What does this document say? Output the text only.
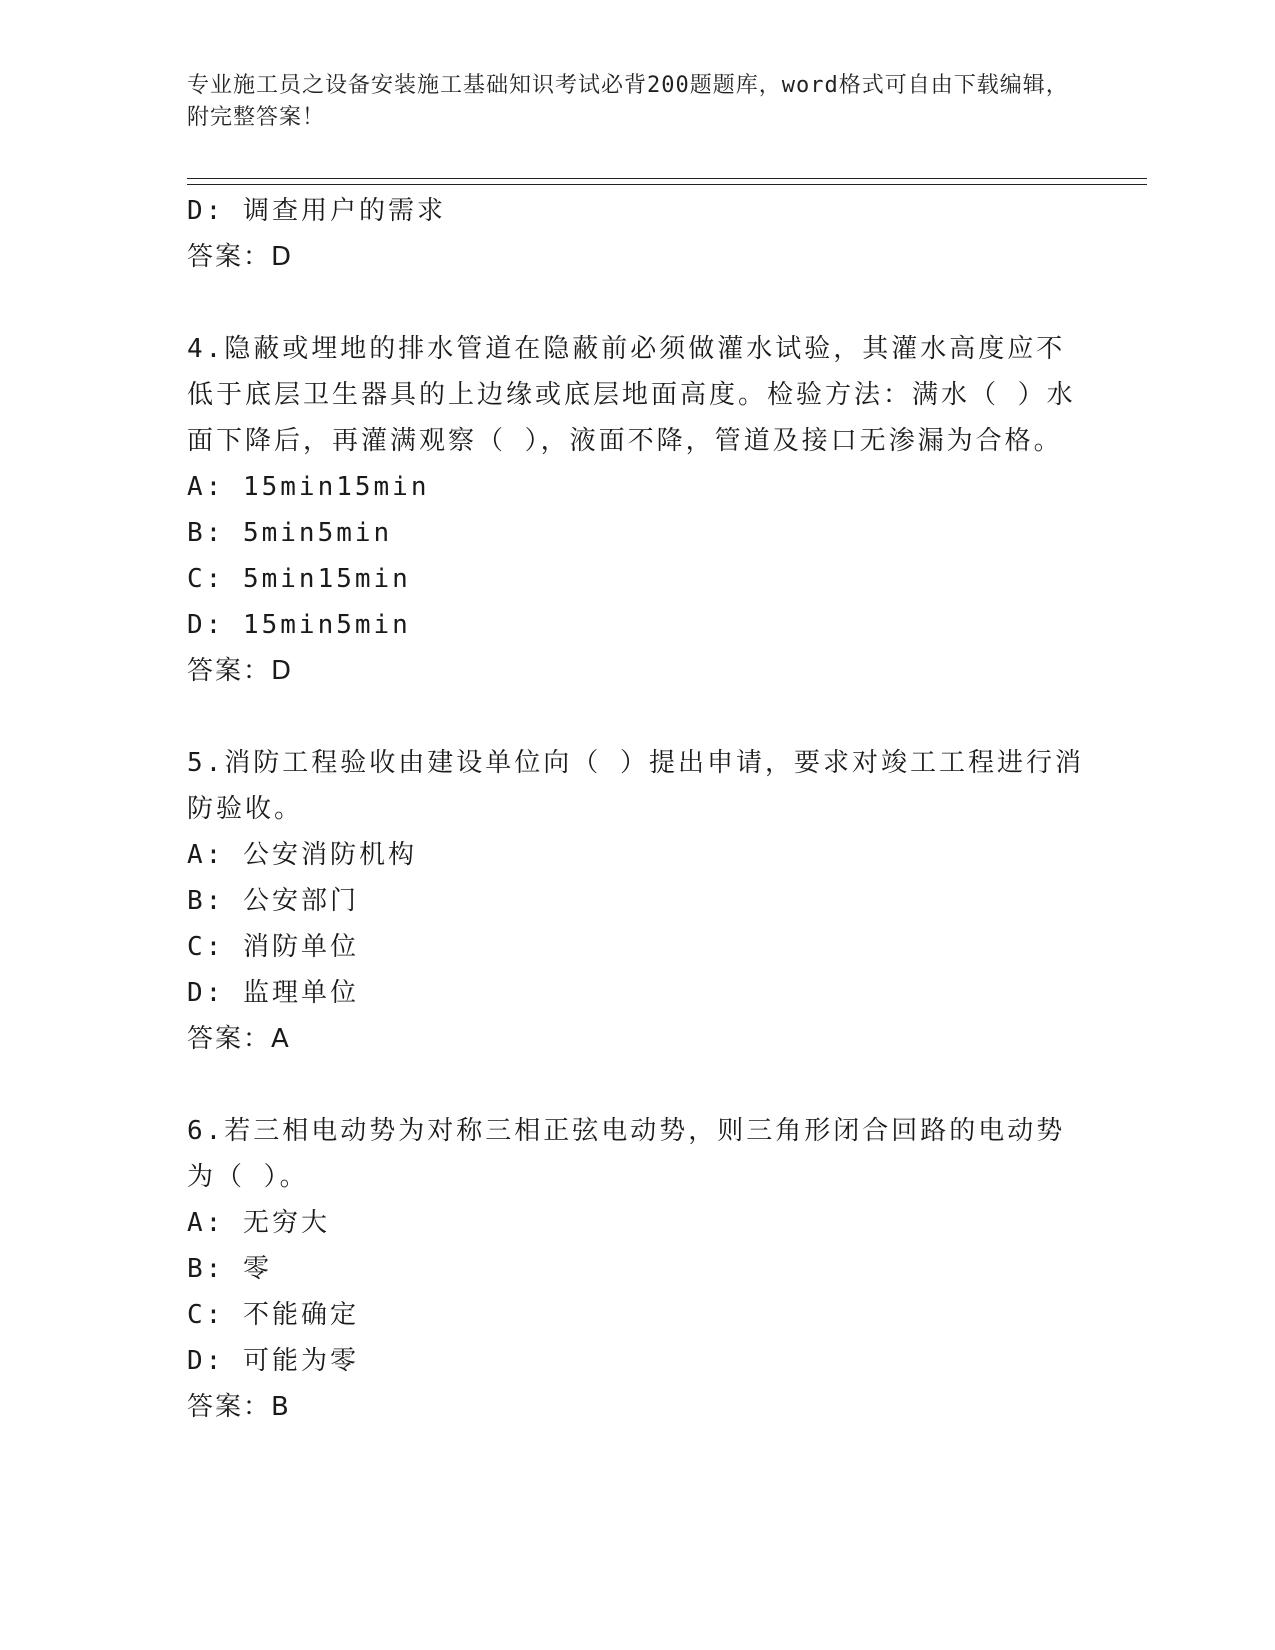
专业施工员之设备安装施工基础知识考试必背200题题库，word格式可自由下载编辑，附完整答案！
D: 调查用户的需求
答案：D
4.隐蔽或埋地的排水管道在隐蔽前必须做灌水试验，其灌水高度应不低于底层卫生器具的上边缘或底层地面高度。检验方法：满水（ ）水面下降后，再灌满观察（ ），液面不降，管道及接口无渗漏为合格。
A: 15min15min
B: 5min5min
C: 5min15min
D: 15min5min
答案：D
5.消防工程验收由建设单位向（ ）提出申请，要求对竣工工程进行消防验收。
A: 公安消防机构
B: 公安部门
C: 消防单位
D: 监理单位
答案：A
6.若三相电动势为对称三相正弦电动势，则三角形闭合回路的电动势为（ ）。
A: 无穷大
B: 零
C: 不能确定
D: 可能为零
答案：B
